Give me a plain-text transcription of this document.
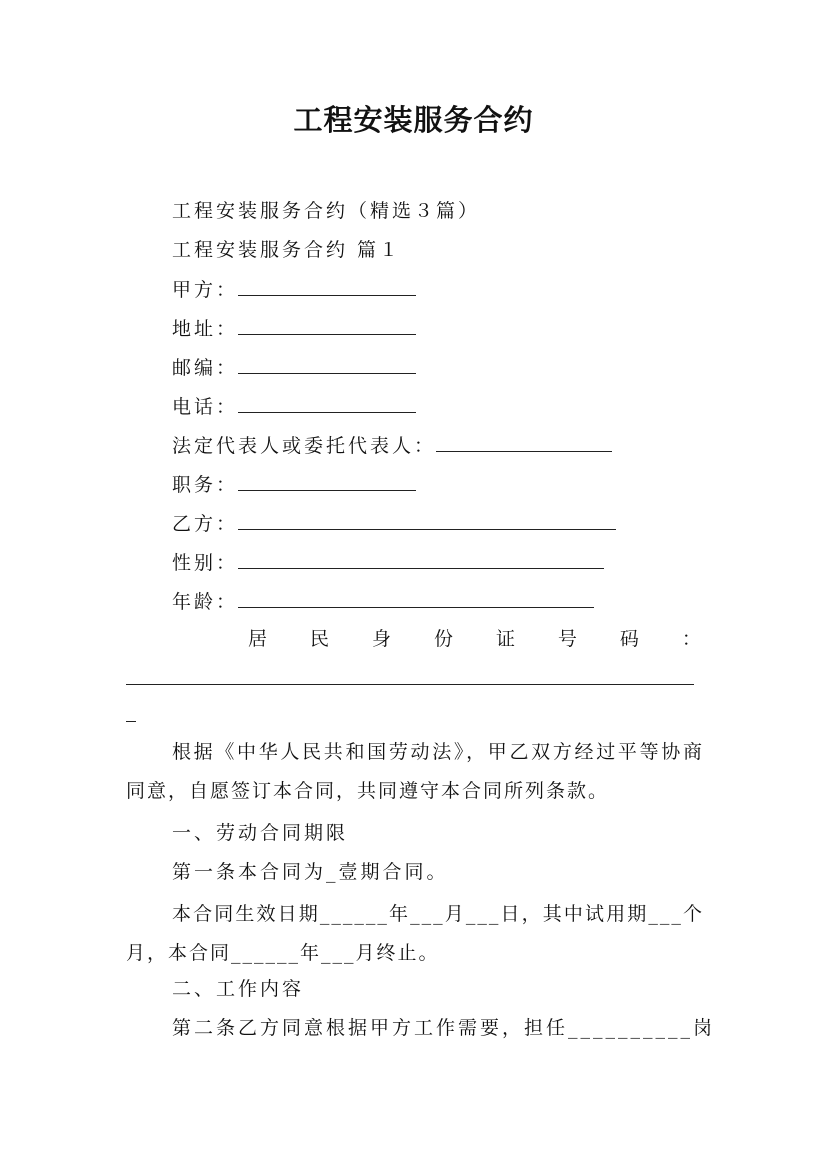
工程安装服务合约
工程安装服务合约（精选３篇）
工程安装服务合约 篇１
甲方：
地址：
邮编：
电话：
法定代表人或委托代表人：
职务：
乙方：
性别：
年龄：
居 民 身 份 证 号 码 ：
根据《中华人民共和国劳动法》，甲乙双方经过平等协商同意，自愿签订本合同，共同遵守本合同所列条款。
一、劳动合同期限
第一条本合同为_壹期合同。
本合同生效日期______年___月___日，其中试用期___个月，本合同______年___月终止。
二、工作内容
第二条乙方同意根据甲方工作需要，担任__________岗
